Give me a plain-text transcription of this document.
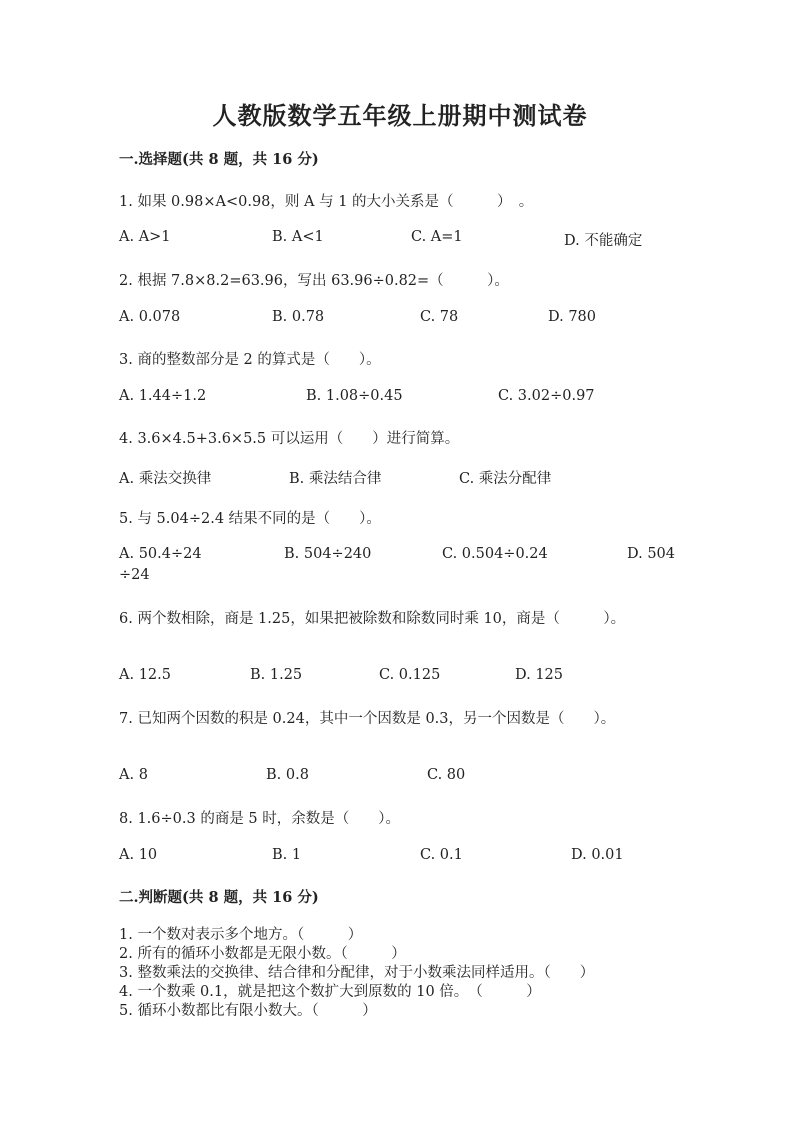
人教版数学五年级上册期中测试卷
一.选择题(共 8 题，共 16 分)
1. 如果 0.98×A<0.98，则 A 与 1 的大小关系是（　　　）　。
A. A>1	B. A<1	C. A=1	D. 不能确定
2. 根据 7.8×8.2=63.96，写出 63.96÷0.82=（　　　）。
A. 0.078	B. 0.78	C. 78	D. 780
3. 商的整数部分是 2 的算式是（　　）。
A. 1.44÷1.2	B. 1.08÷0.45	C. 3.02÷0.97
4. 3.6×4.5+3.6×5.5 可以运用（　　）进行简算。
A. 乘法交换律	B. 乘法结合律	C. 乘法分配律
5. 与 5.04÷2.4 结果不同的是（　　）。
A. 50.4÷24	B. 504÷240	C. 0.504÷0.24	D. 504
÷24
6. 两个数相除，商是 1.25，如果把被除数和除数同时乘 10，商是（　　　）。
A. 12.5	B. 1.25	C. 0.125	D. 125
7. 已知两个因数的积是 0.24，其中一个因数是 0.3，另一个因数是（　　）。
A. 8	B. 0.8	C. 80
8. 1.6÷0.3 的商是 5 时，余数是（　　）。
A. 10	B. 1	C. 0.1	D. 0.01
二.判断题(共 8 题，共 16 分)
1. 一个数对表示多个地方。（　　　）
2. 所有的循环小数都是无限小数。（　　　）
3. 整数乘法的交换律、结合律和分配律，对于小数乘法同样适用。（　　）
4. 一个数乘 0.1，就是把这个数扩大到原数的 10 倍。　（　　　）
5. 循环小数都比有限小数大。（　　　）
